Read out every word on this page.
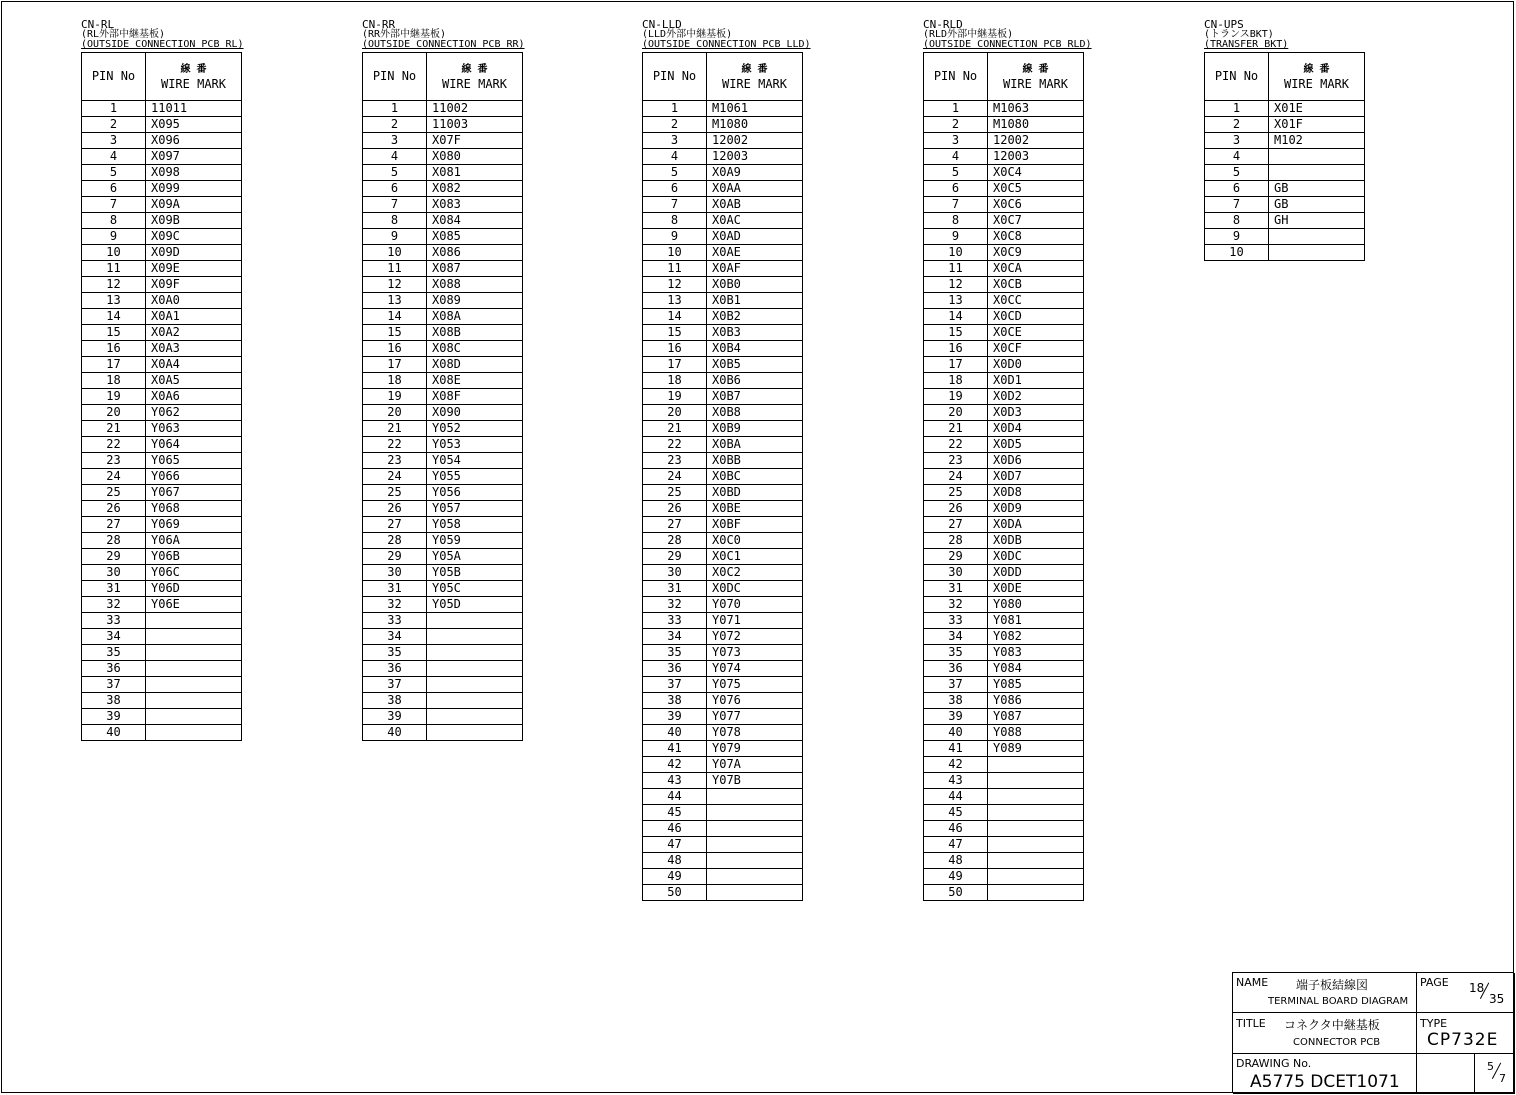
CN-RL
(RL外部中継基板)
(OUTSIDE CONNECTION PCB RL)
PIN No	線 番
WIRE MARK
1	11011
2	X095
3	X096
4	X097
5	X098
6	X099
7	X09A
8	X09B
9	X09C
10	X09D
11	X09E
12	X09F
13	X0A0
14	X0A1
15	X0A2
16	X0A3
17	X0A4
18	X0A5
19	X0A6
20	Y062
21	Y063
22	Y064
23	Y065
24	Y066
25	Y067
26	Y068
27	Y069
28	Y06A
29	Y06B
30	Y06C
31	Y06D
32	Y06E
33	
34	
35	
36	
37	
38	
39	
40	
CN-RR
(RR外部中継基板)
(OUTSIDE CONNECTION PCB RR)
PIN No	線 番
WIRE MARK
1	11002
2	11003
3	X07F
4	X080
5	X081
6	X082
7	X083
8	X084
9	X085
10	X086
11	X087
12	X088
13	X089
14	X08A
15	X08B
16	X08C
17	X08D
18	X08E
19	X08F
20	X090
21	Y052
22	Y053
23	Y054
24	Y055
25	Y056
26	Y057
27	Y058
28	Y059
29	Y05A
30	Y05B
31	Y05C
32	Y05D
33	
34	
35	
36	
37	
38	
39	
40	
CN-LLD
(LLD外部中継基板)
(OUTSIDE CONNECTION PCB LLD)
PIN No	線 番
WIRE MARK
1	M1061
2	M1080
3	12002
4	12003
5	X0A9
6	X0AA
7	X0AB
8	X0AC
9	X0AD
10	X0AE
11	X0AF
12	X0B0
13	X0B1
14	X0B2
15	X0B3
16	X0B4
17	X0B5
18	X0B6
19	X0B7
20	X0B8
21	X0B9
22	X0BA
23	X0BB
24	X0BC
25	X0BD
26	X0BE
27	X0BF
28	X0C0
29	X0C1
30	X0C2
31	X0DC
32	Y070
33	Y071
34	Y072
35	Y073
36	Y074
37	Y075
38	Y076
39	Y077
40	Y078
41	Y079
42	Y07A
43	Y07B
44	
45	
46	
47	
48	
49	
50	
CN-RLD
(RLD外部中継基板)
(OUTSIDE CONNECTION PCB RLD)
PIN No	線 番
WIRE MARK
1	M1063
2	M1080
3	12002
4	12003
5	X0C4
6	X0C5
7	X0C6
8	X0C7
9	X0C8
10	X0C9
11	X0CA
12	X0CB
13	X0CC
14	X0CD
15	X0CE
16	X0CF
17	X0D0
18	X0D1
19	X0D2
20	X0D3
21	X0D4
22	X0D5
23	X0D6
24	X0D7
25	X0D8
26	X0D9
27	X0DA
28	X0DB
29	X0DC
30	X0DD
31	X0DE
32	Y080
33	Y081
34	Y082
35	Y083
36	Y084
37	Y085
38	Y086
39	Y087
40	Y088
41	Y089
42	
43	
44	
45	
46	
47	
48	
49	
50	
CN-UPS
(トランスBKT)
(TRANSFER BKT)
PIN No	線 番
WIRE MARK
1	X01E
2	X01F
3	M102
4	
5	
6	GB
7	GB
8	GH
9	
10	
NAME 端子板結線図
TERMINAL BOARD DIAGRAM
PAGE 18
35
TITLE コネクタ中継基板
CONNECTOR PCB
TYPE
CP732E
DRAWING No.
A5775 DCET1071
5
7
